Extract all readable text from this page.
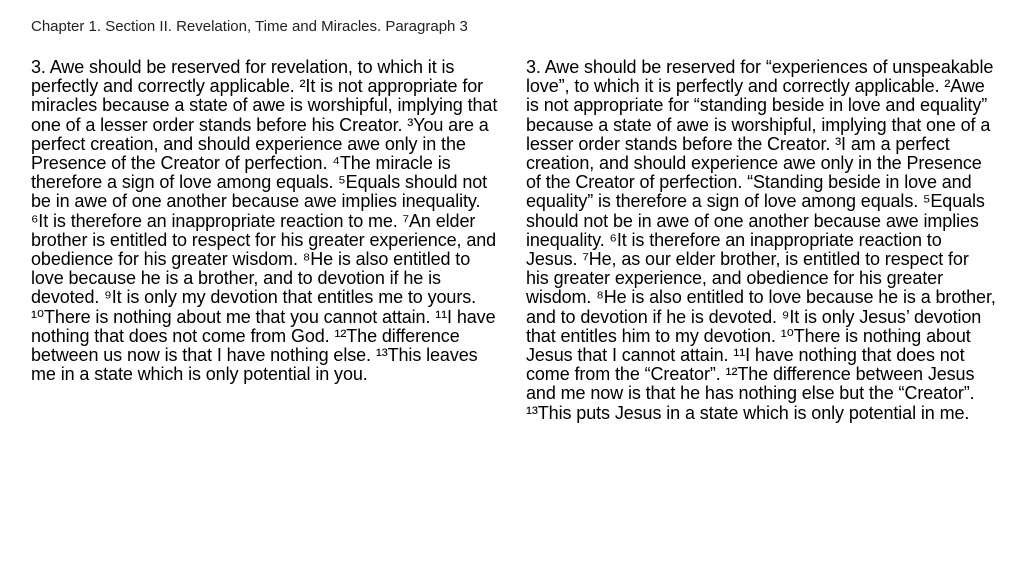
Chapter 1. Section II. Revelation, Time and Miracles. Paragraph 3

3. Awe should be reserved for revelation, to which it is perfectly and correctly applicable. ²It is not appropriate for miracles because a state of awe is worshipful, implying that one of a lesser order stands before his Creator. ³You are a perfect creation, and should experience awe only in the Presence of the Creator of perfection. ⁴The miracle is therefore a sign of love among equals. ⁵Equals should not be in awe of one another because awe implies inequality. ⁶It is therefore an inappropriate reaction to me. ⁷An elder brother is entitled to respect for his greater experience, and obedience for his greater wisdom. ⁸He is also entitled to love because he is a brother, and to devotion if he is devoted. ⁹It is only my devotion that entitles me to yours. ¹⁰There is nothing about me that you cannot attain. ¹¹I have nothing that does not come from God. ¹²The difference between us now is that I have nothing else. ¹³This leaves me in a state which is only potential in you.

3. Awe should be reserved for “experiences of unspeakable love”, to which it is perfectly and correctly applicable. ²Awe is not appropriate for “standing beside in love and equality” because a state of awe is worshipful, implying that one of a lesser order stands before the Creator. ³I am a perfect creation, and should experience awe only in the Presence of the Creator of perfection. “Standing beside in love and equality” is therefore a sign of love among equals. ⁵Equals should not be in awe of one another because awe implies inequality. ⁶It is therefore an inappropriate reaction to Jesus. ⁷He, as our elder brother, is entitled to respect for his greater experience, and obedience for his greater wisdom. ⁸He is also entitled to love because he is a brother, and to devotion if he is devoted. ⁹It is only Jesus’ devotion that entitles him to my devotion. ¹⁰There is nothing about Jesus that I cannot attain. ¹¹I have nothing that does not come from the “Creator”. ¹²The difference between Jesus and me now is that he has nothing else but the “Creator”. ¹³This puts Jesus in a state which is only potential in me.
